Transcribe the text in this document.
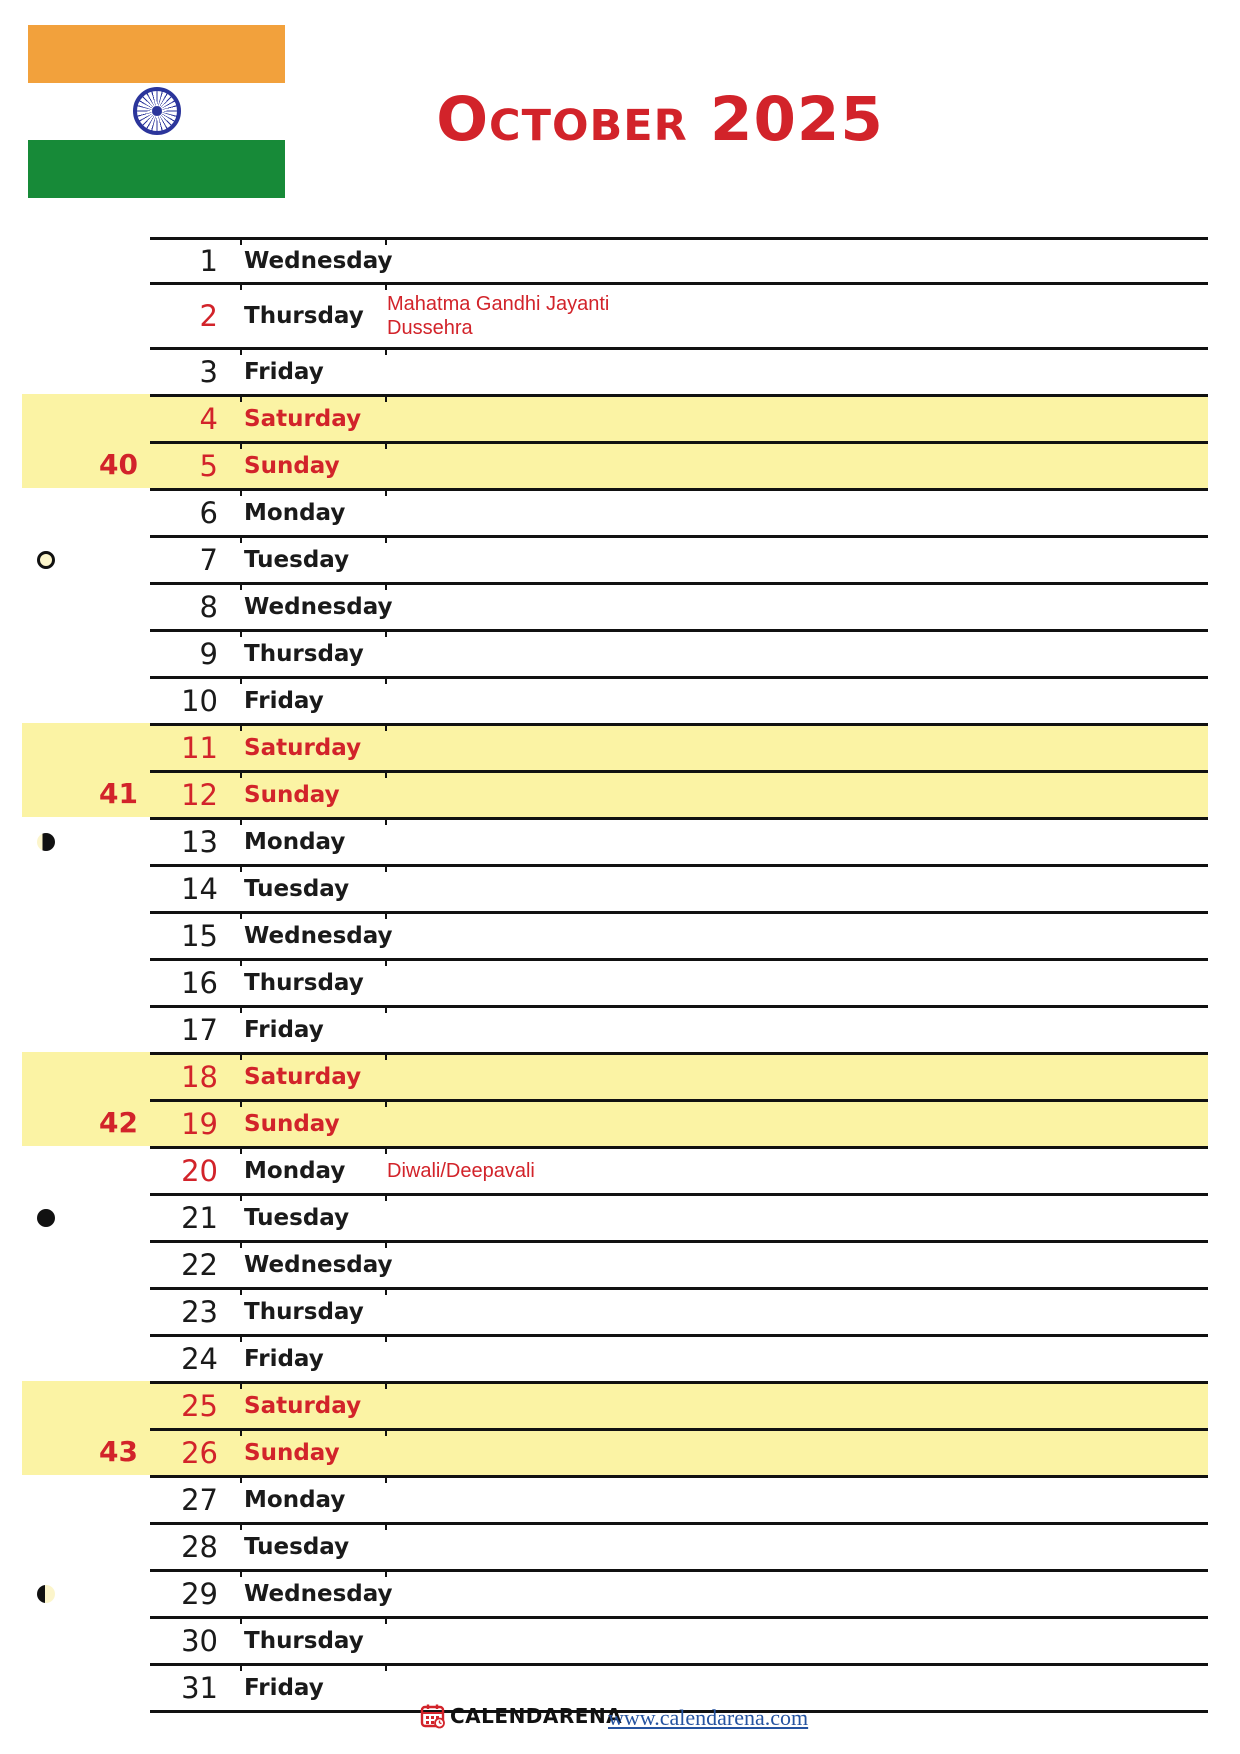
October 2025
1 Wednesday
2 Thursday Mahatma Gandhi Jayanti
Dussehra
3 Friday
4 Saturday
5 Sunday
6 Monday
7 Tuesday
8 Wednesday
9 Thursday
10 Friday
11 Saturday
12 Sunday
13 Monday
14 Tuesday
15 Wednesday
16 Thursday
17 Friday
18 Saturday
19 Sunday
20 Monday Diwali/Deepavali
21 Tuesday
22 Wednesday
23 Thursday
24 Friday
25 Saturday
26 Sunday
27 Monday
28 Tuesday
29 Wednesday
30 Thursday
31 Friday
CALENDARENA
www.calendarena.com
40
41
42
43
